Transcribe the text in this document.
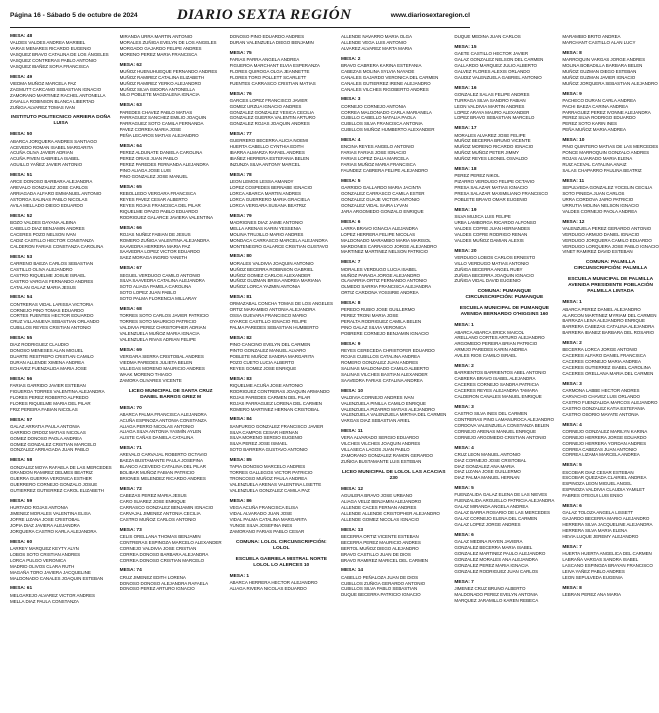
Página 16 - Sábado 5 de octubre de 2024	DIARIO SEXTA REGIÓN	www.diariosextaregion.cl
MESA: 48
VALDES VALDES ANDREA MARIBEL
VARAS MENARES RICARDO EUGENIO
VASQUEZ BRAVO CATALINA DE LOS ÁNGELES
VASQUEZ CONTRERAS PABLO ANTONIO
VASQUEZ IBAÑEZ SOFIA FRANCISCA
MESA: 49
VIEDMA MUÑOZ MARCELA PAZ
ZAGMUTT CARCAMO SEBASTIAN IGNACIO
ZAMORANO MARTINEZ RACHEL ANTONELLA
ZAVALLA ROBINSON BLANCA LIBERTAD
ZUÑIGA ALVAREZ TOMAS IVAN
INSTITUTO POLITECNICO ARRIERA DOÑA LUISA
MESA: 50
ABARCA JORQUERA ANDRES SANTIAGO
ACEVEDO ROMAN ISABEL MARGARITA
ACUÑA OLIVA JAVIER ADRIAN
ACUÑA PIVEN GABRIELA ISABEL
AGUILLO YAÑEZ JAVIER ANTONIO
MESA: 51
ARCE DONOSO BARBARA ALEJANDRA
AREVALO GONZALEZ JOSE CARLOS
ARRIAGADA ALFARO EMMANUEL ANTONIO
ASTORGA SALINAS PABLO NICOLAS
AVILA MELLADO DIEGO EDUARDO
MESA: 52
BOZO VALDES DAYANA ALBINA
CABELLO DIAZ BENJAMIN ANDRES
CACERES POZO NELSON IVAN
CADIZ CASTILLO HECTOR CONSTANZA
CALDERON FARIAS CONSTANZA CAROLINA
MESA: 53
CARRENO BAEZA CARLOS SEBASTIAN
CASTILLO OLIVA ALEJANDRO
CASTRO RIQUELME JOSUE ISRAEL
CASTRO VARGAS FERNANDO ANDRES
CATALAN GALAZ MARIA JESUS
MESA: 54
CONTRERAS VIDAL LARISSA VICTORIA
CORNEJO PINO TOMAS EDUARDO
CORTES FUENTES HECTOR EDUARDO
CRUZ VILLANUEVA SEBASTIAN ORLANDO
CUBILLOS REYES CRISTIAN ANTONIO
MESA: 55
DIAZ RODRIGUEZ CLAUDIO
DONOSO MENESES ALAN MIGUEL
DUARTE RESTREPO CRISTIAN CAMILO
DURAN ALLENDE XIMENA ANDREA
ECHAVEZ FUENZALIDA MARIA JOSE
MESA: 56
FARIAS GARRIDO JAVIER ESTEBAN
FIGUEROA TORRES VALENTINA ALEJANDRA
FLORES PEREZ ROBERTO ALFREDO
FLORES RIQUELME MARIA DEL PILAR
FRIZ PEREIRA FABIAN NICOLAS
MESA: 57
GALAZ ARRATIA PAULA ANTONIA
GARRIDO ORDOZ MATIAS NICOLAS
GOMEZ DONOSO PAOLA ANDREA
GOMEZ GONZALEZ CRISTIAN MARCELO
GONZALEZ ARRIAGADA JUAN PABLO
MESA: 58
GONZALEZ MOYA RAFAELA DE LAS MERCEDES
GRANDON RAMIREZ DELMES BEATRIZ
GUERRA GUERRA VERONICA ESTHER
GUERRERO CORNEJO GONZALO JOSUE
GUTIERREZ GUTIERREZ CAROL ELIZABETH
MESA: 59
HURTADO ROJAS ANTONIA
JIMENEZ MORALES VALENTINA ELISA
JOFRE LIZANA JOSE CRISTOBAL
JOPIA DIAZ JAVIERA ALEJANDRA
JORQUERA CASTRO KARLA ALEJANDRA
MESA: 60
LARREY MARQUEZ KEYTY ALYN
LOBOS SOTO CRISTIAN ANDRES
LORCA PULGO VERONICA
MADRID OLIVOS CLARA RUTH
MAGAÑA TORO JAVIERA JACQUELINE
MALDONADO CANALES JOAQUIN ESTEBAN
MESA: 61
MELGAREJO ALVAREZ VICTOR ANDRES
MELLA DIAZ PAULA CONSTANZA
MIRANDA URRA MARTIN ANTONIO
MORALES ZUÑIGA EVELYN DE LOS ANGELES
MORGADO GAJARDO FELIPE ANDRES
MORENO PEREZ MARIA FRANCISCA
MESA: 62
MUÑOZ HUENUHUEQUE FERNANDO ANDRES
MUÑOZ RAMIREZ CATALINA ELIZABETH
MUÑOZ RAMIREZ YERKO ALEJANDRO
MUÑOZ SILVA ISIDORA ANTONELLA
NILO POBLETE MAGDALENA IGNACIA
MESA: 63
PAREDES CHAVEZ PABLO MATIAS
PARRAGUEZ SANCHEZ EMILIO JOAQUIN
PARRAGUEZ SOTO CAMILA FERNANDA
PAVEZ CORREA MARIA JOSE
PEÑA LECAROS MATIAS ALEJANDRO
MESA: 64
PEREZ ALDUNATE DANIELA CAROLINA
PEREZ ORIAS JUAN PABLO
PEREZ PAREDES FERNANDA ALEJANDRA
PINO ALIAGA JOSE LUIS
PINO GONZALEZ JOSE MANUEL
MESA: 65
REBOLLEDO VERGARA FRANCISCA
REYES PAVEZ CESAR ALBERTO
REYES ROJAS FRANCISCA DEL PILAR
RIQUELME OPAZO PABLO EDUARDO
RODRIGUEZ GALARCE JAVIERA VALENTINA
MESA: 66
ROJAS NUÑEZ FABIAN DE JESUS
ROMERO ZUÑIGA VALENTINA ALEJANDRA
SAAVEDRA HERRERA MARIA PAZ
SAAVEDRA LOPEZ VICTOR EDUARDO
SAEZ MORAGA INGRID YANETH
MESA: 67
SEGUEL VERDUGO CAMILO ANTONIO
SILVA SAAVEDRA CATALINA ALEJANDRA
SOTO ALIAGA PAMELA CAROLINA
SOTO LOPEZ JUAN PABLO
SOTO PALMA FLORENCIA MILLARAY
MESA: 68
TORRES SOTO CARLOS JAVIER PATRICIO
TORRES SOTO MAURICIO PATRICIO
VALDIVIA PEREZ CHRISTOPHER ADRIAN
VALENZUELA MUÑOZ MARIA IGNACIA
VALENZUELA RIVAS ADRIAN FELIPE
MESA: 69
VERGARA SIERRA CRISTOBAL ANDRES
VIEDMA PAREDES JULIETA BELEN
VILLEGAS MORENO MAURICIO ANDRES
WAAK MORENO THIAGO
ZAMORA OLIVARES VICENTE
LICEO MUNICIPAL DE SANTA CRUZ DANIEL BARROS GREZ M
MESA: 70
ABARCA PALMA FRANCISCA ALEJANDRA
ACUÑA ESPINOZA ANTONIA CONSTANZA
ALIAGA PERRO NICOLAS ANTONIO
ALIAGA SILVA ANTONIA YASMÍN AYLEN
ALISTE CAÑAS DANIELA CATALINA
MESA: 71
AREVALO CARVAJAL ROBERTO OCTAVIO
BAEZA BUSTAMANTE PAULA JOSEFINA
BLANCO ACEVEDO CATALINA DEL PILAR
BOLIBAR MUÑOZ FABIAN PATRICIO
BRIONES MELENDEZ RICARDO ANDRES
MESA: 72
CABEZAS PEREZ MARIA JESUS
CARO SUAREZ JOSE ENRIQUE
CARRASCO GONZALEZ BENJAMIN IGNACIO
CARVAJAL JIMENEZ ANTONIA CECILIA
CASTRO MUÑOZ CARLOS ANTONIO
MESA: 73
CELIS ORELLANA THOMAS BENJAMIN
CONTRERAS ESPINOZA MARCELO ALEXANDER
CORNEJO VALDIVIA JOSE CRISTIAN
CORREA DONOSO BARBARA ALEJANDRA
CORREA DONOSO CRISTIAN MARCELO
MESA: 74
CRUZ JIMENEZ EDITH LORENA
DONOSO DONOSO ALEJANDRA RAFAELA
DONOSO PEREZ ARTURO IGNACIO
DONOSO PINO EDUARDO ANDRES
DURAN VALENZUELA DIEGO BENJAMIN
MESA: 75
FARIAS PARRA ANGELA ANDREA
FIGUEROA MARCHANT ELVIA ESPERANZA
FLORES QUIROGA OLGA JEANNETTE
FLORES TORO POLLETT SCARLETT
FUENTES CARRASCO CRISTIAN MATIAS
MESA: 76
GARCES LOPEZ FRANCISCO JAVIER
GOMEZ URZUA IGNACIO ANDRES
GONZALEZ GONZALEZ YESICA CECILIA
GONZALEZ GUERRA VALENTIN ARTURO
GONZALEZ ROJAS JOAQUIN ANDRES
MESA: 77
GUERRERO BECERRA ALICIA NOEMI
HUERTA CABELLO CYNTHIA EDITH
IBARRA ALMARZA RAFAEL ANDRES
IBAÑEZ HERRERA ESTEFANIA BELEN
INZUNZA SILVA ANTONY MARCEL
MESA: 78
LEON LEMOS LESSA AMANDY
LOPEZ COSPEDES BERNABE IGNACIO
LORCA ABARCA MARTIN ANDRES
LORCA GUERRERO MARIA GRACIELA
LORCA VERGARA SUSANA BEATRIZ
MESA: 79
MADRIGNES DIAZ JAIME ANTONIO
MELLA ARENAS KARIN YESSENIA
MOLINA TRUJILLO MARIO ANDRES
MONDACA CARRASCO MARCELA ALEJANDRA
MONTENEGRO GALARCE CRISTIAN GUSTAVO
MESA: 80
MORALES VALDIVIA JOAQUIN ANTONIO
MUÑOZ BECERRA ROBINSON GABRIEL
MUÑOZ GOMEZ CARLOS ALEXANDER
MUÑOZ GUZMAN BRISA ANDREA MARIANA
MUÑOZ LORCA YAZMIN ANTONIA
MESA: 81
ORMAZABAL CONCHA TOMAS DE LOS ANGELES
ORTIZ MARAMBIO ANTONIA ALEJANDRA
OSSA GUEVARA FRANCISCO MARIO
OYARCE CASTILLO IGNACIO FELIPE
PALMA PAREDES SEBASTIAN HUMBERTO
MESA: 82
PINO CANCINO EVELYN DEL CARMEN
PINTO GONZALEZ MANUEL ALVARO
POBLETE MUÑOZ SANDRA MARGARITA
POZO CUETO LUCIA ALBERTO
REYES GOMEZ JOSE ENRIQUE
MESA: 83
RIQUELME ACUÑA JOSE ANTONIO
RODRIGUEZ CONTRERAS JOAQUIN ARMANDO
ROJAS PAREDES CARMEN DEL PILAR
ROJAS PARRAGUEZ LORENA DEL CARMEN
ROMERO MARTINEZ HERNAN CRISTOBAL
MESA: 84
SANFURGO GONZALEZ FRANCISCO JAVIER
SILVA CAMPOS CESAR HERNAN
SILVA MORENO SERGIO EUGENIO
SILVA PEREZ JOSE ISMAEL
SOTO BARRERA GUSTAVO ANTONIO
MESA: 85
TAPIA DONOSO MARCELO ANDRES
TORRES GALLEGOS VICTOR PATRICIO
TRONCOSO MUÑOZ PAULA ANDREA
VALENZUELA ARENAS VALENTINA LISETTE
VALENZUELA GONZALEZ CAMILA PAZ
MESA: 86
VEGA ACUÑA FRANCISCA ELISA
VIDAL ALVARADO JUAN JOSE
VIDAL PALMA CATALINA MARGARITA
YUNGE SILVA JOSEFINA INES
ZAMORANO FARIAS PABLO CESAR
COMUNA: LOLOL CIRCUNSCRIPCIÓN: LOLOL
ESCUELA GABRIELA MISTRAL NORTE LOLOL LO ALERCES 10
MESA: 1
ABARCA HERRERA HECTOR ALEJANDRO
ALIAGA RIVERA NICOLAS EDUARDO
ALLENDE NAVARRO MARIA OLGA
ALLENDE VEGA LUIS ANTONIO
ALVAREZ ALVAREZ MARTA MARIA
MESA: 2
BRAVO CABRERA KARINA ESTEFANIA
CABEZAS MOLINA SYLVIA NAYADE
CANALES GAJARDO VERONICA DEL CARMEN
CANALES GUTIERREZ IRENE ALEJANDRO
CANALES VILCHES RIGOBERTO ANDRES
MESA: 3
CORNEJO CORNEJO ANTONIA
CORREA MALDONADO CARLA MARIANELA
CUBILLO CABELLO NATALIA PAOLA
CUBILLOS SILVA FRANCISCA ANTONIA
CUBILLOS MUÑOZ HUMBERTO ALEXANDER
MESA: 4
ENCINA REYES ANGELO ANTONIO
FARIAS FARIAS JOSE IGNACIO
FARIAS LOPEZ DALIA MARCELA
FARIAS MUÑOZ MARIA FRANCISCA
FAUNDEZ CABRERA FELIPE ALEJANDRO
MESA: 5
GARRIDO GALLARDO MARIA JACINTA
GONZALEZ CARRASCO CAMILA ESTER
GONZALEZ GUAJE VICTOR ANTONIO
GONZALEZ VIDAL SAIRA LYVAN
JARA ARGOMEDO GONZALO ENRIQUE
MESA: 6
LARRA BRAVO IGNACIA ALEJANDRA
LOPEZ HERRERA FELIPE NICOLAS
MALDONADO MARAMBIO MARIA MARISOL
MARDONES CARRASCO JORGE ALEJANDRO
MARTINEZ MARTINEZ NELSON PATRICIO
MESA: 7
MORALES VERDUGO LUCIA ISABEL
MUÑOZ PARADA JORGE ALEJANDRO
OLAVARRIA ORTIZ FERNANDO ANTONIO
OLMEDO SARRIA FRANCISCA ALEJANDRA
ORTIZ CARDONA YOSSIRIE ANDREA
MESA: 8
PEREDO RUBIO JOSE GUILLERMO
PEREZ TRONI MARIA JOSE
PERALTA RODRIGUEZ CAMILA BELEN
PINO GALAZ SILVIA VERONICA
POBRERE CORNEJO BENJAMIN IGNACIO
MESA: 9
REYES CERECEDA CHRISTOFER EDUARDO
ROJAS CUBILLOS CATALINA ANDREA
ROMERO GONZALEZ JUAN ANDRES
SALINAS MALDONADO CAMILO ALBERTO
SALINAS VILCHES BASTIAN ALEXANDER
SAAVEDRA FARIAS CATALINA ANDREA
MESA: 10
VALDIVIA CORNEJO ANDRES IVAN
VALENZUELA PINILLA CAMILO ENRIQUE
VALENZUELA PIZARRO MATIAS ALEJANDRO
VALENZUELA VALENZUELA MIRTHA DEL CARMEN
VARGAS DIAZ SEBASTIAN ARIEL
MESA: 11
VERA ALVARADO SERGIO EDUARDO
VILCHES VILCHES JOAQUIN ANDRES
VILLASECA LAGOS JUAN PABLO
ZAMORANO GONZALEZ RAMON GERARDO
ZUÑIGA BUSTAMANTE LUIS ESTEBAN
LICEO MUNICIPAL DE LOLOL LAS ACACIAS 230
MESA: 12
AGUILERA BRAVO JOSE URBANO
ALIAGA VELIZ BENJAMIN ALEJANDRO
ALLENDE CACES FERNAN ANDRES
ALLENDE ALLENDE CRISTOPHER ALEJANDRO
ALLENDE GOMEZ NICOLAS IGNACIO
MESA: 13
BECERRA ORTIZ VICENTE ESTEBAN
BECERRA PEREZ MAURICIO ANDRES
BERTOL MUÑOZ DIEGO ALEJANDRO
BRAVO CASTILLO JUAN DE DIOS
BRAVO RAMIREZ MARICEL DEL CARMEN
MESA: 14
CABELLO PEÑALOZA JUAN DE DIOS
CUBILLOS ZUÑIGA GERARDO ANTONIO
CUBILLOS SILVA PABLO SEBASTIAN
DUQUE BECERRA PATRICIO IGNACIO
DUQUE MEDINA JUAN CARLOS
MESA: 15
GAETE CASTILLO HECTOR JAVIER
GALAZ GONZALEZ NELSON DEL CARMEN
GALLARDO MARQUEZ JULIO ALBERTO
GALVEZ FLORES ALEXIS ORLANDO
GAUDIZ VALENZUELA GABRIEL ANTONIO
MESA: 16
GONZALEZ SALAS FELIPE ANDRES
TURRAGA SILVA SANDRO FABIAN
LEON VALDIVIA MARTIN ANDRES
LOPEZ ARAYA MAURO ALEXANDER
LOPEZ BRAVO SEBASTIAN MARCELO
MESA: 17
MORALES ALVAREZ JOSE FELIPE
MUÑOZ BECERRA BRUNO VICENTE
MUÑOZ MORENO RICARDO IGNACIO
MUÑOZ MUÑOZ PETER JIMMY
MUÑOZ REYES LEONEL OSVALDO
MESA: 18
PEREZ PEREZ NIKOL
PIZARRO VERDUGO FELIPE OCTAVIO
PRESA SALAZAR MATIAS IGNACIO
PRESA SALAZAR MAXIMILIANO FRANCISCO
POBLETE BRAVO OMAR EUGENIO
MESA: 19
SILVA MUJICA LUIS FELIPE
URBA LAMBORGA RICARDO ALFONSO
VALDES COFRE JUAN HERNANDES
VALDES COFRE RODRIGO RENAN
VALDES MUÑOZ DAMIAN ALEXIS
MESA: 20
VERDUGO LOBOS CARLOS ERNESTO
VILLO VERDUGO MATIAS ANTONIO
ZUÑIGA BECERRA ANGEL RUBY
ZUÑIGA BECERRA JOAQUIN IGNACIO
ZUÑIGA VIDAL DAVID EUGENIO
COMUNA: PUMANQUE CIRCUNSCRIPCIÓN: PUMANQUE
ESCUELA MUNICIPAL DE PUMANQUE AVENIDA BERNARDO O'HIGGINS 160
MESA: 1
ABARCA ABARCA ERICK MAICOL
ARELLANO CORTES ARTURO ALEJANDRO
ARGOMEDO PEREIRA BRIAN PATRICIO
ARMIJO PAREDES KARIN ANDREA
AVILES RIOS CAMILO ISRAEL
MESA: 2
BARRIENTOS BARRIENTOS ABEL ANTONIO
CABRERA BRAVO ISABEL ALEJANDRA
CACERES CORNEJO SANDRA PATRICIA
CACERES REYES ALEJANDRA TAMARA
CALDERON CANALES MANUEL ENRIQUE
MESA: 3
CASTRO SILVA INES DEL CARMEN
CONTRERAS PINO LAMANUROCA ALEJANDRO
CORDOVA VALENZUELA CONSTANZA BELEN
CORNEJO ARENAS MANUEL ENRIQUE
CORNEJO ARGOMEDO CRISTIAN ANTONIO
MESA: 4
CRUZ LEON MANUEL ANTONIO
DIAZ CORNEJO JOSE CRISTOBAL
DIAZ GONZALEZ ANA MARIA
DIAZ LIZANA JOSE GUILLERMO
DIAZ PALMA MANUEL HERNAN
MESA: 5
FUENZALIDA GALAZ ELENA DE LAS NIEVES
FUENZALIDA ARGUELLO PATRICIA ALEJANDRA
GALAZ MIRANDA ANGELA ANDREA
GALAZ BARRA ROSARIO DE LAS MERCEDES
GALAZ CORNEJO ELENA DEL CARMEN
GALAZ LOPEZ JORGE ANDRES
MESA: 6
GALAZ MEDINA RAYEN JAVIERA
GONZALEZ BECERRA MARIA ISABEL
GONZALEZ MARTINEZ PAULO ALEJANDRO
GONZALEZ MORALES ANA ALEJANDRA
GONZALEZ PEREZ MARIA IGNACIA
GONZALEZ RODRIGUEZ JUAN CARLOS
MESA: 7
JIMENEZ CRUZ BRUNO ALBERTO
MALDONADO PEREZ EVELYN ANTONIA
MARQUEZ JARAMILLO KAREN REBECA
MARAMBIO BRITO ANDREA
MARCHANT CASTILLO ALAN LUCY
MESA: 8
MARROQUIN VARGAS JORGE ANDRES
MOLINA BOBADILLA BARBARA BELEN
MUÑOZ GUZMAN DIEGO ESTEBAN
MUÑOZ GUZMAN JAVIER IGNACIO
MUÑOZ JORQUERA SEBASTIAN ALEJANDRO
MESA: 9
PACHECO DURAN CARLA ANDREA
PACHI BAEZA CARINA ANDREA
PARRAGUEZ PEREZ IVONNE ALEJANDRA
PEREZ SILVA RODRIGO EDUARDO
PEREZ SOTO KARIN INES
PEÑA MUÑOZ MARIA ANDREA
MESA: 10
PINO QUINTERO MATIAS DE LAS MERCEDES
PONCE MARROQUIN GONZALO ANDRES
ROJAS ALVARADO MARIA ELENA
RUIZ ACEVAL CATALINA ANAIZ
SALAS CHAPARRO PAULINA BEATRIZ
MESA: 11
SEPULVEDA GONZALEZ YOCELIN CECILIA
SOTO PINEDA JUAN CARLOS
URRA CORDOVA JAIRO PATRICIO
URRUTIA MOLINA NELSON IGNACIO
VALDES CORNEJO PAOLA ANDREA
MESA: 12
VALENZUELA PEREZ GERARDO ANTONIO
VERDUGO ARMIJO DANIEL IGNACIO
VERDUGO JORQUERA CAMILO EDUARDO
VERDUGO LORQUERA JOSE PABLO IGNACIO
VINET RAMIREZ DAVID ESTEBAN
COMUNA: PALMILLA CIRCUNSCRIPCIÓN: PALMILLA
ESCUELA MUNICIPAL DE PALMILLA AVENIDA PRESIDENTE POBLACIÓN PALMILLA LINTADA
MESA: 1
ABARCA PEREZ DANIEL ALEJANDRO
ALARCON MARTINEZ MYRIAM DEL CARMEN
BARRAZA LEIVA ALEJANDRO ENRIQUE
BARRERA CABEZAS CATALINA ALEJANDRA
BARRERA IBANEZ BARBARA DEL ROSARIO
MESA: 2
BECERRA LORCA JORGE ANTONIO
CACERES ALFARO DANIEL FRANCISCA
CACERES CORNEJO MARIA ANDREA
CACERES GUTIERREZ ISABEL CAROLINA
CACERES ORELLANA MARIA DEL CARMEN
MESA: 3
CARMONA LABBE HECTOR ANDRES
CARVACHO CHAVEZ LUIS ORLANDO
CASTRO FUENZALIDA MARCOS ALEJANDRO
CASTRO GONZALEZ KATIA ESTEFANIA
CASTRO OSORIO MAYATE ANTONIA
MESA: 4
CORNEJO GONZALEZ MARILYN KARINA
CORNEJO HERRERA JORGE EDUARDO
CORNEJO HERRERA YORDAN ANDRES
CORREA CABEZAS JUAN ANTONIO
CORREA LIZAMA MARCELA ANDREA
MESA: 5
ESCOBAR DIAZ CESAR ESTEBAN
ESCOBAR QUEZADA CLAIRIEL ANDREA
ESPINOZA LEON MIGUEL ANGEL
ESPINOZA VALDIVIA CLAUDIA YAMILET
FABRES OTEGUI LUIS ENSO
MESA: 6
GALAZ TOLOZA ANGELA LISSETT
GAJARDO BECERRA MARIO ALEJANDRO
HERRERA SILVA JACQUELINE ALEJANDRA
HERRERA SILVA MARIA ELENA
HEVIA LUQUE JEREMY ALEJANDRO
MESA: 7
HUERTA HUERTA ANGELICA DEL CARMEN
LABRAÑA VARGAS SANDRA ISABEL
LASCANO ESPINOZA BRAYAN FRANCISCO
LEIVA YAÑEZ PABLO ANDRES
LEON SEPULVEDA EUGENIA
MESA: 8
LEBRAN PEREZ ANA MARIA
